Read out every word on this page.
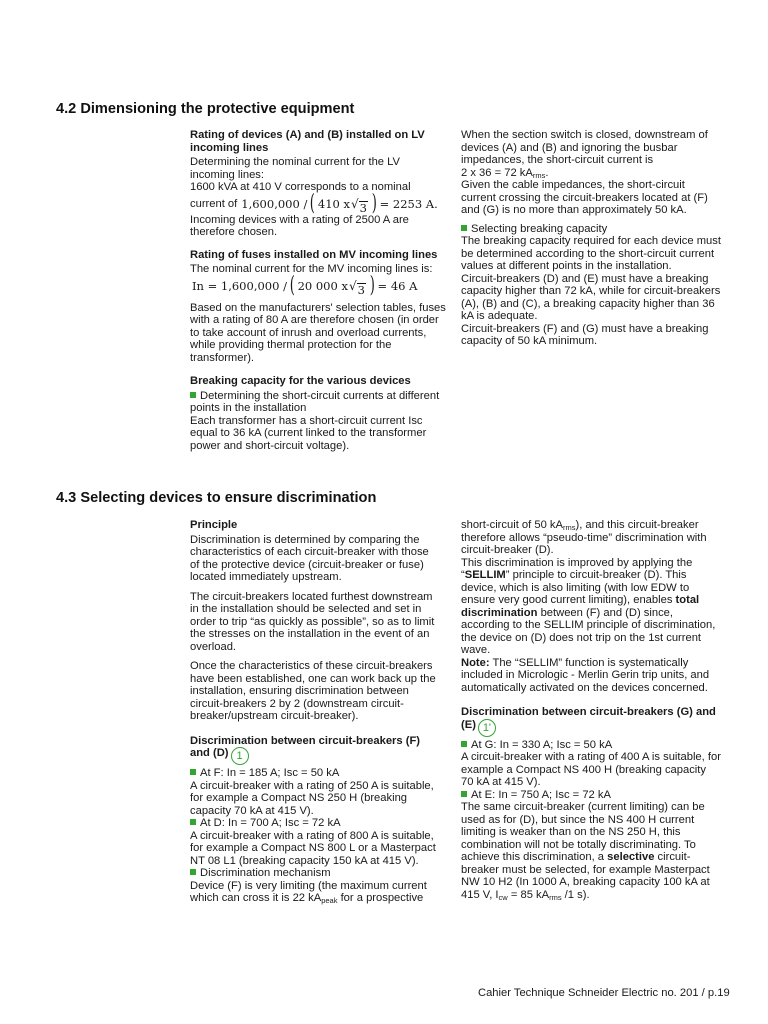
4.2 Dimensioning the protective equipment
Rating of devices (A) and (B) installed on LV incoming lines
Determining the nominal current for the LV incoming lines:
1600 kVA at 410 V corresponds to a nominal

current of 1,600,000 / ( 410 x √ 3 ) = 2253 A.

Incoming devices with a rating of 2500 A are therefore chosen.
Rating of fuses installed on MV incoming lines

The nominal current for the MV incoming lines is:

In = 1,600,000 / ( 20 000 x √ 3 ) = 46 A

Based on the manufacturers' selection tables, fuses with a rating of 80 A are therefore chosen (in order to take account of inrush and overload currents, while providing thermal protection for the transformer).

Breaking capacity for the various devices
Determining the short-circuit currents at different points in the installation

Each transformer has a short-circuit current Isc equal to 36 kA (current linked to the transformer power and short-circuit voltage).

When the section switch is closed, downstream of devices (A) and (B) and ignoring the busbar impedances, the short-circuit current is
2 x 36 = 72 $kA_{rms}$.
Given the cable impedances, the short-circuit current crossing the circuit-breakers located at (F) and (G) is no more than approximately 50 kA.
Selecting breaking capacity
The breaking capacity required for each device must be determined according to the short-circuit current values at different points in the installation.
Circuit-breakers (D) and (E) must have a breaking capacity higher than 72 kA, while for circuit-breakers (A), (B) and (C), a breaking capacity higher than 36 kA is adequate.
Circuit-breakers (F) and (G) must have a breaking capacity of 50 kA minimum.
4.3 Selecting devices to ensure discrimination
Principle

Discrimination is determined by comparing the characteristics of each circuit-breaker with those of the protective device (circuit-breaker or fuse) located immediately upstream.

The circuit-breakers located furthest downstream in the installation should be selected and set in order to trip “as quickly as possible”, so as to limit the stresses on the installation in the event of an overload.

Once the characteristics of these circuit-breakers have been established, one can work back up the installation, ensuring discrimination between circuit-breakers 2 by 2 (downstream circuit-breaker/upstream circuit-breaker).

Discrimination between circuit-breakers (F) and (D) 1
At F: In = 185 A; Isc = 50 kA
A circuit-breaker with a rating of 250 A is suitable, for example a Compact NS 250 H (breaking capacity 70 kA at 415 V).
At D: In = 700 A; Isc = 72 kA
A circuit-breaker with a rating of 800 A is suitable, for example a Compact NS 800 L or a Masterpact NT 08 L1 (breaking capacity 150 kA at 415 V).
Discrimination mechanism
Device (F) is very limiting (the maximum current which can cross it is 22 $kA_{peak}$ for a prospective
short-circuit of 50 $kA_{rms}$), and this circuit-breaker therefore allows “pseudo-time” discrimination with circuit-breaker (D).
This discrimination is improved by applying the “SELLIM” principle to circuit-breaker (D). This device, which is also limiting (with low EDW to ensure very good current limiting), enables total discrimination between (F) and (D) since, according to the SELLIM principle of discrimination, the device on (D) does not trip on the 1st current wave.
Note: The “SELLIM” function is systematically included in Micrologic - Merlin Gerin trip units, and automatically activated on the devices concerned.
Discrimination between circuit-breakers (G) and (E) 1'
At G: In = 330 A; Isc = 50 kA
A circuit-breaker with a rating of 400 A is suitable, for example a Compact NS 400 H (breaking capacity 70 kA at 415 V).
At E: In = 750 A; Isc = 72 kA
The same circuit-breaker (current limiting) can be used as for (D), but since the NS 400 H current limiting is weaker than on the NS 250 H, this combination will not be totally discriminating. To achieve this discrimination, a selective circuit-breaker must be selected, for example Masterpact NW 10 H2 (In 1000 A, breaking capacity 100 kA at 415 V, $I_{cw} = 85$ $kA_{rms}$ /1 s).
Cahier Technique Schneider Electric no. 201 / p.19
